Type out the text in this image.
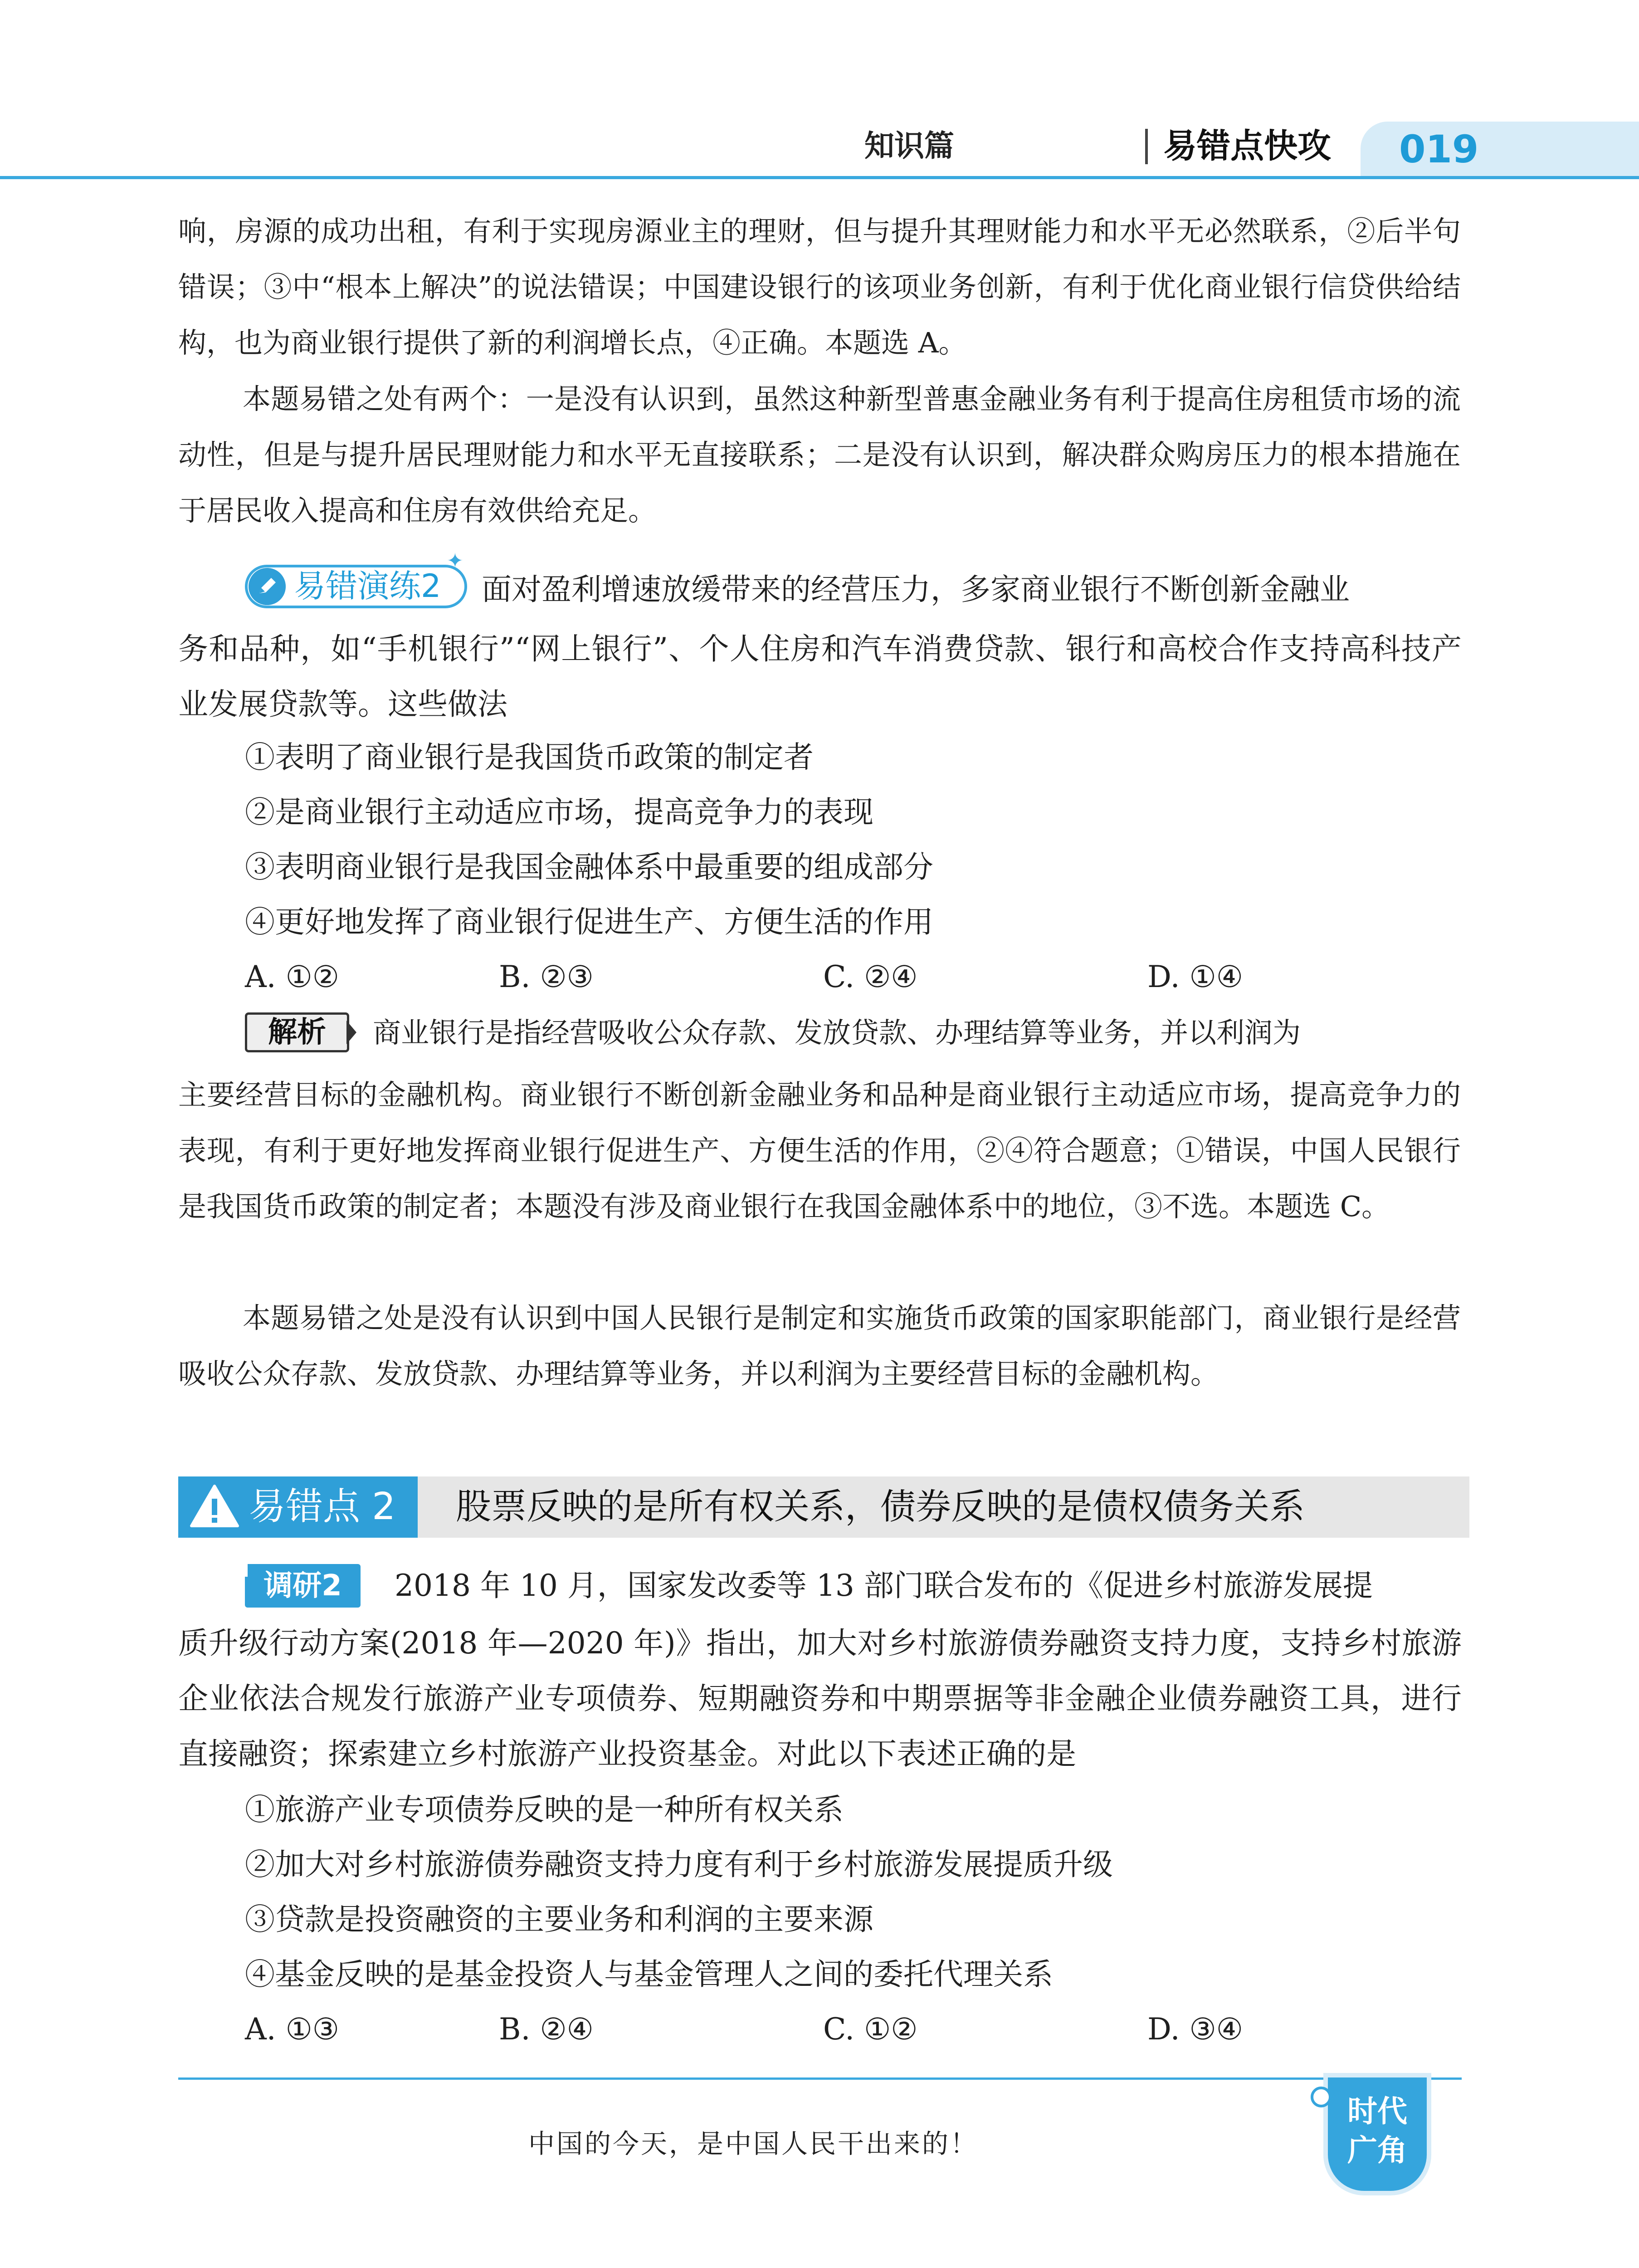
知识篇	易错点快攻 019

响，房源的成功出租，有利于实现房源业主的理财，但与提升其理财能力和水平无必然联系，②后半句错误；③中“根本上解决”的说法错误；中国建设银行的该项业务创新，有利于优化商业银行信贷供给结构，也为商业银行提供了新的利润增长点，④正确。本题选 A。

本题易错之处有两个：一是没有认识到，虽然这种新型普惠金融业务有利于提高住房租赁市场的流动性，但是与提升居民理财能力和水平无直接联系；二是没有认识到，解决群众购房压力的根本措施在于居民收入提高和住房有效供给充足。

易错演练2
✦
面对盈利增速放缓带来的经营压力，多家商业银行不断创新金融业

务和品种，如“手机银行”“网上银行”、个人住房和汽车消费贷款、银行和高校合作支持高科技产业发展贷款等。这些做法

①表明了商业银行是我国货币政策的制定者
②是商业银行主动适应市场，提高竞争力的表现
③表明商业银行是我国金融体系中最重要的组成部分
④更好地发挥了商业银行促进生产、方便生活的作用
A. ①②	B. ②③	C. ②④	D. ①④
解析	商业银行是指经营吸收公众存款、发放贷款、办理结算等业务，并以利润为

主要经营目标的金融机构。商业银行不断创新金融业务和品种是商业银行主动适应市场，提高竞争力的表现，有利于更好地发挥商业银行促进生产、方便生活的作用，②④符合题意；①错误，中国人民银行是我国货币政策的制定者；本题没有涉及商业银行在我国金融体系中的地位，③不选。本题选 C。

本题易错之处是没有认识到中国人民银行是制定和实施货币政策的国家职能部门，商业银行是经营吸收公众存款、发放贷款、办理结算等业务，并以利润为主要经营目标的金融机构。

易错点 2 股票反映的是所有权关系，债券反映的是债权债务关系
调研2	2018 年 10 月，国家发改委等 13 部门联合发布的《促进乡村旅游发展提

质升级行动方案(2018 年—2020 年)》指出，加大对乡村旅游债券融资支持力度，支持乡村旅游企业依法合规发行旅游产业专项债券、短期融资券和中期票据等非金融企业债券融资工具，进行直接融资；探索建立乡村旅游产业投资基金。对此以下表述正确的是

①旅游产业专项债券反映的是一种所有权关系
②加大对乡村旅游债券融资支持力度有利于乡村旅游发展提质升级
③贷款是投资融资的主要业务和利润的主要来源
④基金反映的是基金投资人与基金管理人之间的委托代理关系
A. ①③	B. ②④	C. ①②	D. ③④
中国的今天，是中国人民干出来的！
时代
广角
